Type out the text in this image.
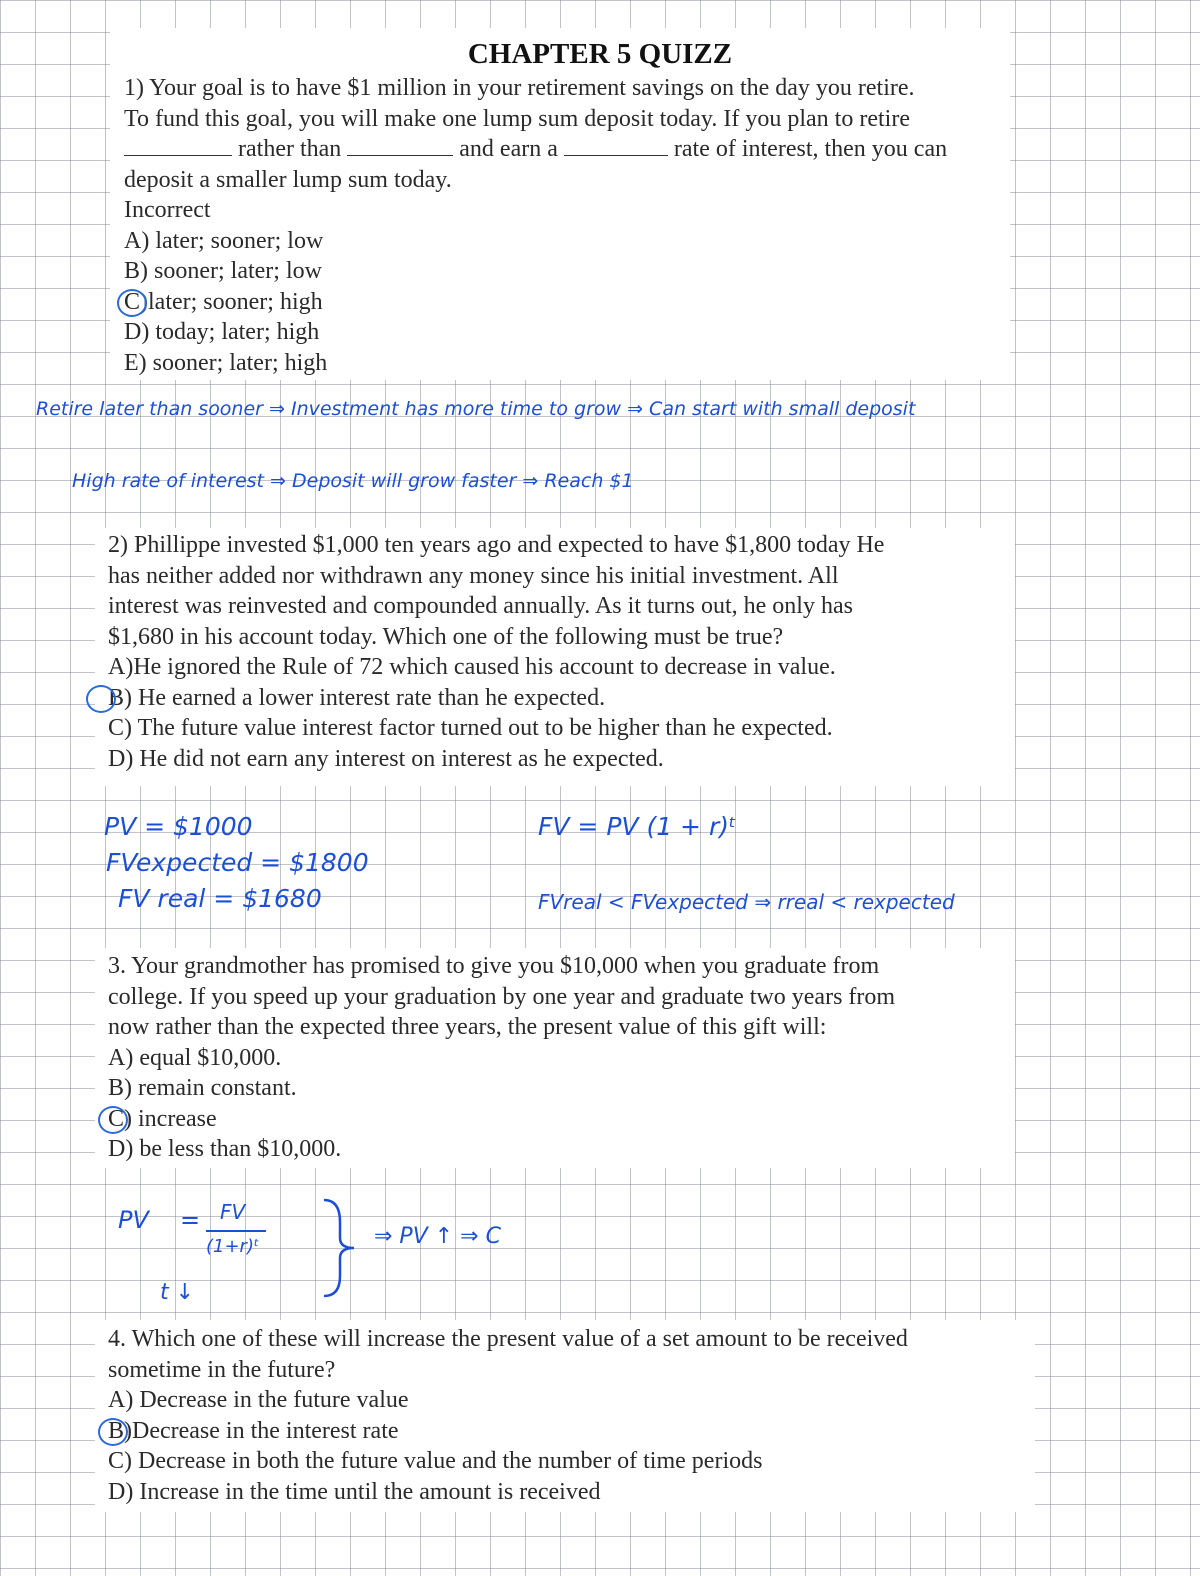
CHAPTER 5 QUIZZ

1) Your goal is to have $1 million in your retirement savings on the day you retire.

To fund this goal, you will make one lump sum deposit today. If you plan to retire

rather than	and earn a	rate of interest, then you can

deposit a smaller lump sum today.

Incorrect

A) later; sooner; low

B) sooner; later; low

C)later; sooner; high

D) today; later; high

E) sooner; later; high

Retire later than sooner ⇒ Investment has more time to grow ⇒ Can start with small deposit
High rate of interest ⇒ Deposit will grow faster ⇒ Reach $1

2) Phillippe invested $1,000 ten years ago and expected to have $1,800 today He

has neither added nor withdrawn any money since his initial investment. All

interest was reinvested and compounded annually. As it turns out, he only has

$1,680 in his account today. Which one of the following must be true?

A)He ignored the Rule of 72 which caused his account to decrease in value.

B) He earned a lower interest rate than he expected.

C) The future value interest factor turned out to be higher than he expected.

D) He did not earn any interest on interest as he expected.

PV = $1000
FVexpected = $1800
FV real = $1680
FV = PV (1 + r)ᵗ
FVreal < FVexpected ⇒ rreal < rexpected

3. Your grandmother has promised to give you $10,000 when you graduate from

college. If you speed up your graduation by one year and graduate two years from

now rather than the expected three years, the present value of this gift will:

A) equal $10,000.

B) remain constant.

C) increase

D) be less than $10,000.

PV = FV
(1+r)ᵗ
t ↓
⇒ PV ↑ ⇒ C

4. Which one of these will increase the present value of a set amount to be received

sometime in the future?

A) Decrease in the future value

B)Decrease in the interest rate

C) Decrease in both the future value and the number of time periods

D) Increase in the time until the amount is received
